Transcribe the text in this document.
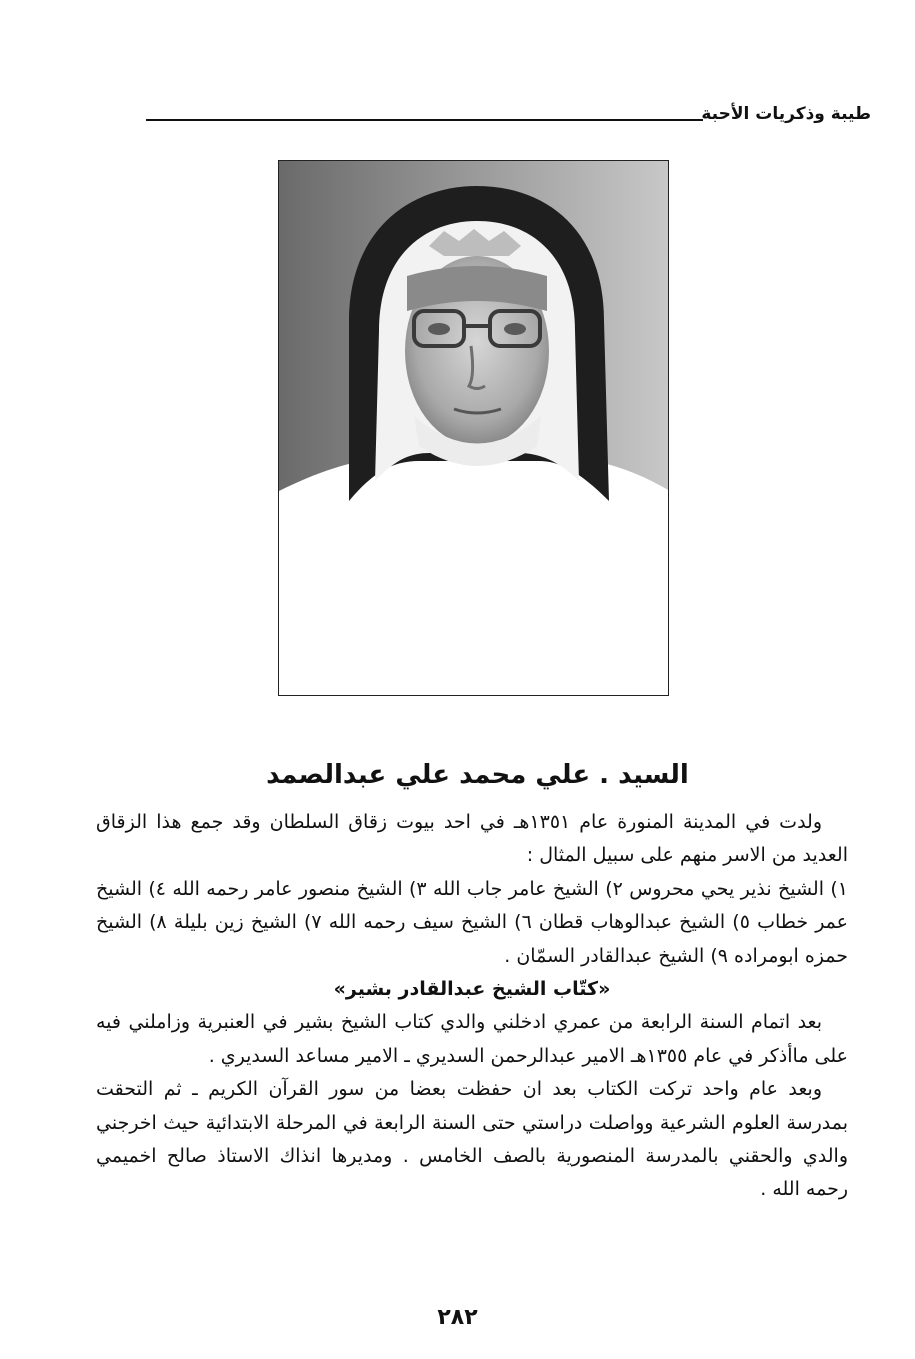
طيبة وذكريات الأحبة
السيد . علي محمد علي عبدالصمد

ولدت في المدينة المنورة عام ١٣٥١هـ في احد بيوت زقاق السلطان وقد جمع هذا الزقاق العديد من الاسر منهم على سبيل المثال :

١) الشيخ نذير يحي محروس ٢) الشيخ عامر جاب الله ٣) الشيخ منصور عامر رحمه الله ٤) الشيخ عمر خطاب ٥) الشيخ عبدالوهاب قطان ٦) الشيخ سيف رحمه الله ٧) الشيخ زين بليلة ٨) الشيخ حمزه ابومراده ٩) الشيخ عبدالقادر السمّان .

«كتّاب الشيخ عبدالقادر بشير»

بعد اتمام السنة الرابعة من عمري ادخلني والدي كتاب الشيخ بشير في العنبرية وزاملني فيه على ماأذكر في عام ١٣٥٥هـ الامير عبدالرحمن السديري ـ الامير مساعد السديري .

وبعد عام واحد تركت الكتاب بعد ان حفظت بعضا من سور القرآن الكريم ـ ثم التحقت بمدرسة العلوم الشرعية وواصلت دراستي حتى السنة الرابعة في المرحلة الابتدائية حيث اخرجني والدي والحقني بالمدرسة المنصورية بالصف الخامس . ومديرها انذاك الاستاذ صالح اخميمي رحمه الله .

٢٨٢
